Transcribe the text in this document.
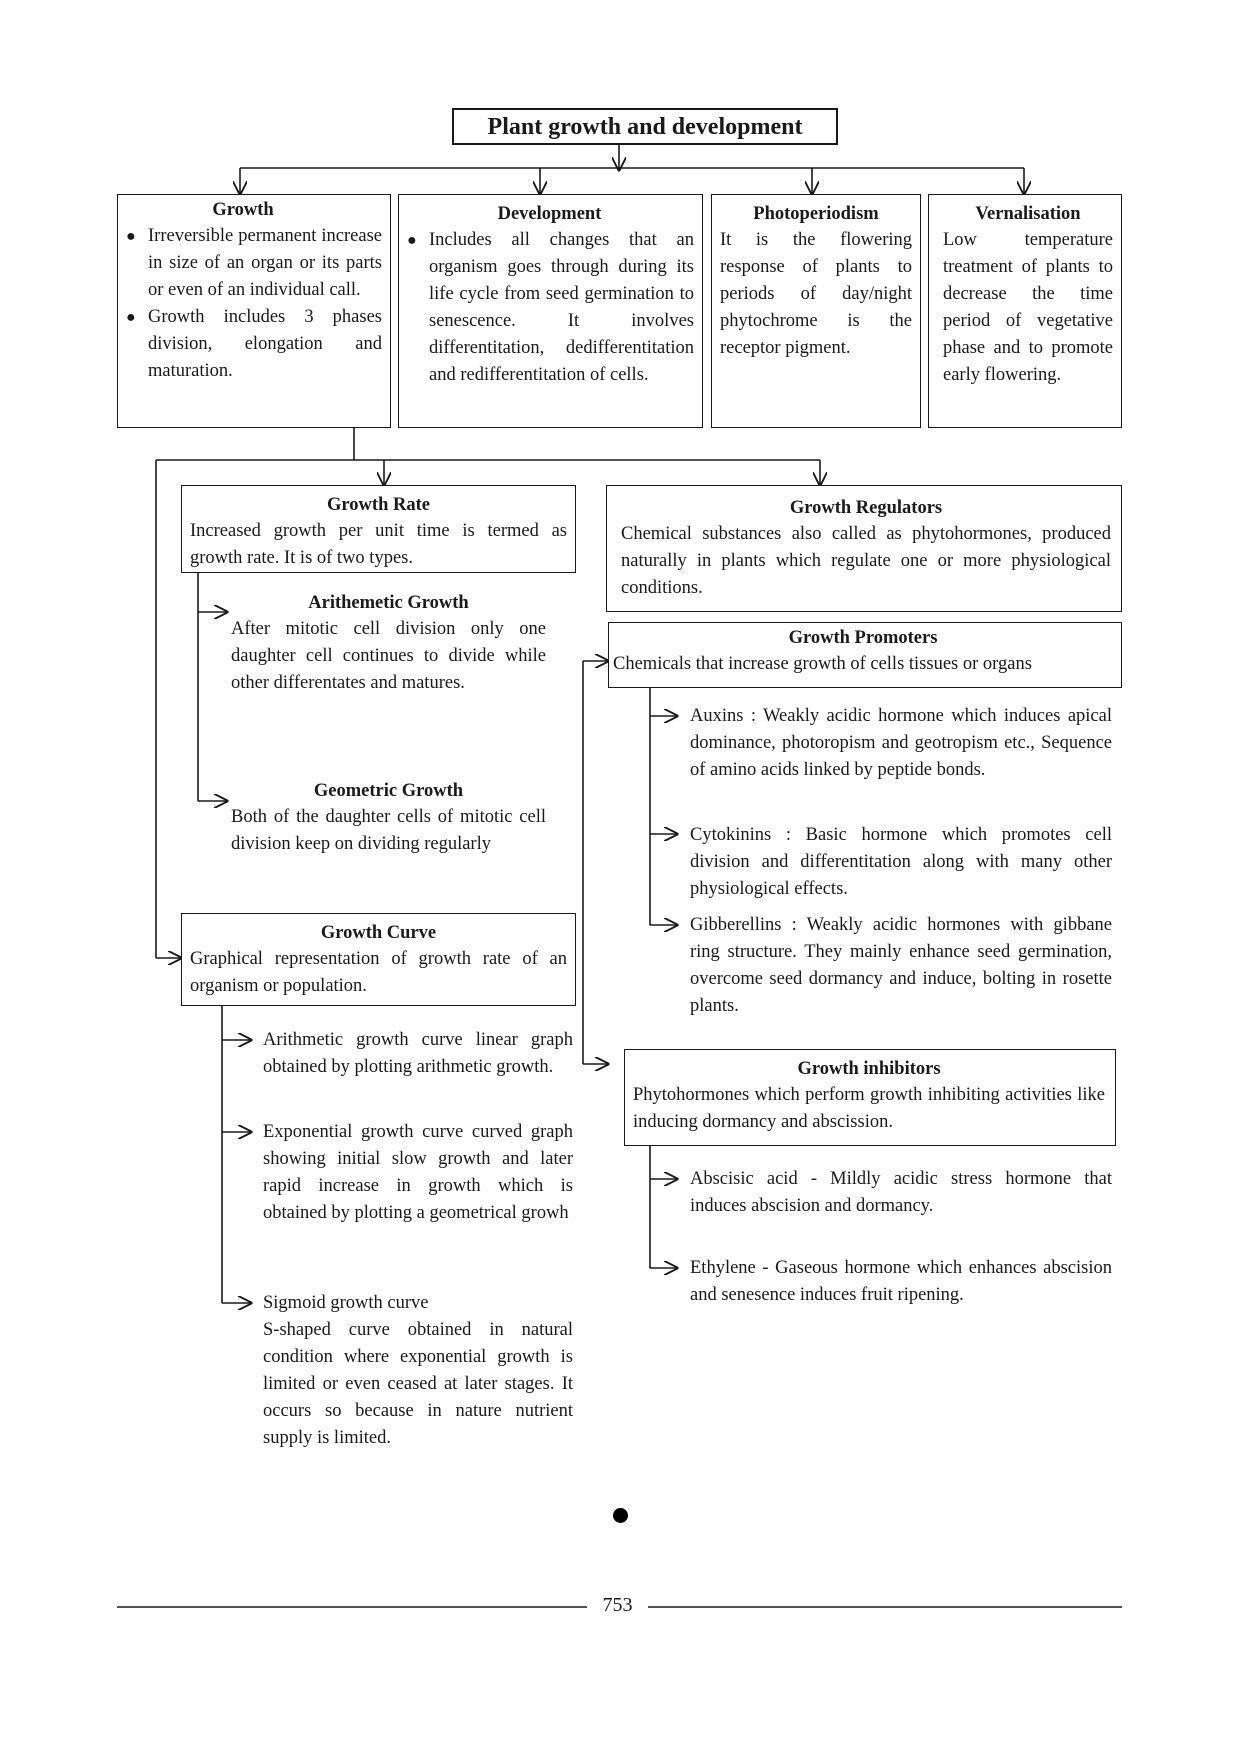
Plant growth and development
Growth
● Irreversible permanent increase in size of an organ or its parts or even of an individual call.
● Growth includes 3 phases division, elongation and maturation.
Development
● Includes all changes that an organism goes through during its life cycle from seed germination to senescence. It involves differentitation, dedifferentitation and redifferentitation of cells.
Photoperiodism
It is the flowering response of plants to periods of day/night phytochrome is the receptor pigment.
Vernalisation
Low temperature treatment of plants to decrease the time period of vegetative phase and to promote early flowering.
Growth Rate
Increased growth per unit time is termed as growth rate. It is of two types.
Arithemetic Growth
After mitotic cell division only one daughter cell continues to divide while other differentates and matures.
Geometric Growth
Both of the daughter cells of mitotic cell division keep on dividing regularly
Growth Curve
Graphical representation of growth rate of an organism or population.
Arithmetic growth curve linear graph obtained by plotting arithmetic growth.
Exponential growth curve curved graph showing initial slow growth and later rapid increase in growth which is obtained by plotting a geometrical growh
Sigmoid growth curve
S-shaped curve obtained in natural condition where exponential growth is limited or even ceased at later stages. It occurs so because in nature nutrient supply is limited.
Growth Regulators
Chemical substances also called as phytohormones, produced naturally in plants which regulate one or more physiological conditions.
Growth Promoters
Chemicals that increase growth of cells tissues or organs
Auxins : Weakly acidic hormone which induces apical dominance, photoropism and geotropism etc., Sequence of amino acids linked by peptide bonds.
Cytokinins : Basic hormone which promotes cell division and differentitation along with many other physiological effects.
Gibberellins : Weakly acidic hormones with gibbane ring structure. They mainly enhance seed germination, overcome seed dormancy and induce, bolting in rosette plants.
Growth inhibitors
Phytohormones which perform growth inhibiting activities like inducing dormancy and abscission.
Abscisic acid - Mildly acidic stress hormone that induces abscision and dormancy.
Ethylene - Gaseous hormone which enhances abscision and senesence induces fruit ripening.
753
